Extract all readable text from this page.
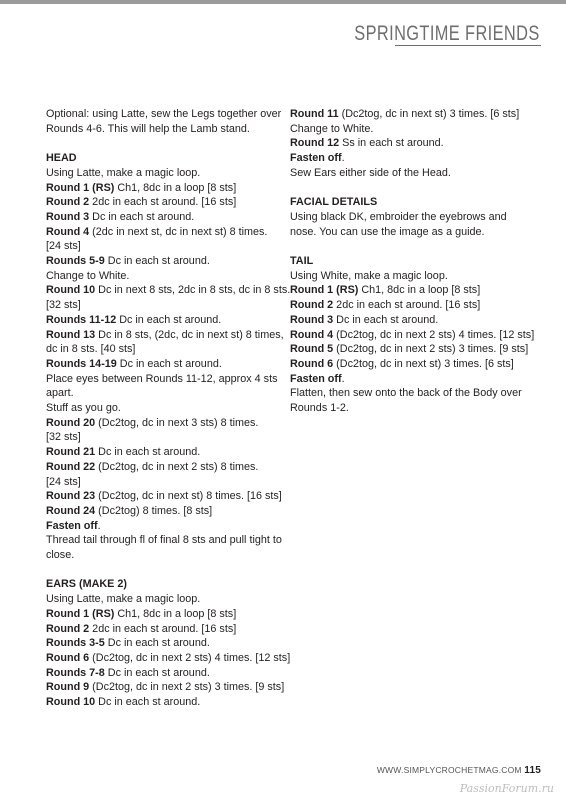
SPRINGTIME FRIENDS
Optional: using Latte, sew the Legs together over
Rounds 4-6. This will help the Lamb stand.
HEAD
Using Latte, make a magic loop.
Round 1 (RS) Ch1, 8dc in a loop [8 sts]
Round 2 2dc in each st around. [16 sts]
Round 3 Dc in each st around.
Round 4 (2dc in next st, dc in next st) 8 times.
[24 sts]
Rounds 5-9 Dc in each st around.
Change to White.
Round 10 Dc in next 8 sts, 2dc in 8 sts, dc in 8 sts.
[32 sts]
Rounds 11-12 Dc in each st around.
Round 13 Dc in 8 sts, (2dc, dc in next st) 8 times,
dc in 8 sts. [40 sts]
Rounds 14-19 Dc in each st around.
Place eyes between Rounds 11-12, approx 4 sts
apart.
Stuff as you go.
Round 20 (Dc2tog, dc in next 3 sts) 8 times.
[32 sts]
Round 21 Dc in each st around.
Round 22 (Dc2tog, dc in next 2 sts) 8 times.
[24 sts]
Round 23 (Dc2tog, dc in next st) 8 times. [16 sts]
Round 24 (Dc2tog) 8 times. [8 sts]
Fasten off.
Thread tail through fl of final 8 sts and pull tight to
close.
EARS (MAKE 2)
Using Latte, make a magic loop.
Round 1 (RS) Ch1, 8dc in a loop [8 sts]
Round 2 2dc in each st around. [16 sts]
Rounds 3-5 Dc in each st around.
Round 6 (Dc2tog, dc in next 2 sts) 4 times. [12 sts]
Rounds 7-8 Dc in each st around.
Round 9 (Dc2tog, dc in next 2 sts) 3 times. [9 sts]
Round 10 Dc in each st around.
Round 11 (Dc2tog, dc in next st) 3 times. [6 sts]
Change to White.
Round 12 Ss in each st around.
Fasten off.
Sew Ears either side of the Head.
FACIAL DETAILS
Using black DK, embroider the eyebrows and
nose. You can use the image as a guide.
TAIL
Using White, make a magic loop.
Round 1 (RS) Ch1, 8dc in a loop [8 sts]
Round 2 2dc in each st around. [16 sts]
Round 3 Dc in each st around.
Round 4 (Dc2tog, dc in next 2 sts) 4 times. [12 sts]
Round 5 (Dc2tog, dc in next 2 sts) 3 times. [9 sts]
Round 6 (Dc2tog, dc in next st) 3 times. [6 sts]
Fasten off.
Flatten, then sew onto the back of the Body over
Rounds 1-2.
WWW.SIMPLYCROCHETMAG.COM 115
PassionForum.ru
